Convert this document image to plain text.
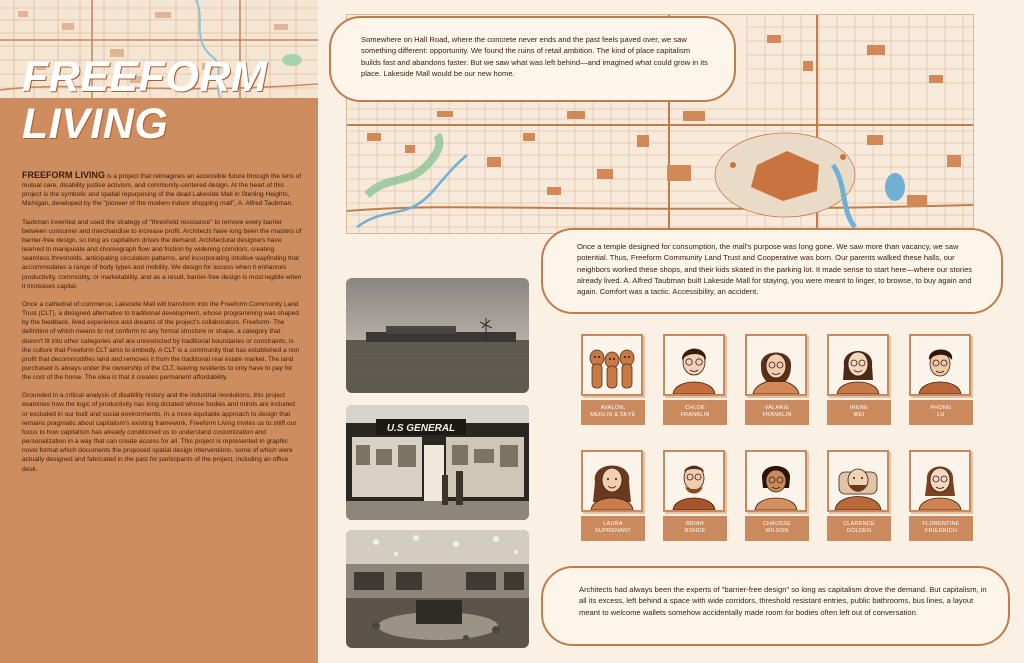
FREEFORM
LIVING

FREEFORM LIVING is a project that reimagines an accessible future through the lens of mutual care, disability justice activism, and community-centered design. At the heart of this project is the symbolic and spatial repurposing of the dead Lakeside Mall in Sterling Heights, Michigan, developed by the "pioneer of the modern indoor shopping mall", A. Alfred Taubman.

Taubman invented and used the strategy of "threshold resistance" to remove every barrier between consumer and merchandise to increase profit. Architects have long been the masters of barrier-free design, so long as capitalism drives the demand. Architectural designers have learned to manipulate and choreograph flow and friction by widening corridors, creating seamless thresholds, anticipating circulation patterns, and incorporating intuitive wayfinding that accommodates a range of body types and mobility. We design for access when it enhances productivity, commodity, or marketability, and as a result, barrier-free design is most legible when it increases capital.

Once a cathedral of commerce, Lakeside Mall will transform into the Freeform Community Land Trust (CLT), a designed alternative to traditional development, whose programming was shaped by the feedback, lived experience and dreams of the project's collaborators. Freeform- The definition of which means to not conform to any formal structure or shape, a category that doesn't fit into other categories and are unrestricted by traditional boundaries or constraints, is the culture that Freeform CLT aims to embody. A CLT is a community that has established a non profit that decommodifies land and removes it from the traditional real estate market. The land purchased is always under the ownership of the CLT, leaving residents to only have to pay for the cost of the home. The idea is that it creates permanent affordability.

Grounded in a critical analysis of disability history and the industrial revolutions, this project examines how the logic of productivity has long dictated whose bodies and minds are included or excluded in our built and social environments. In a more equitable approach to design that remains pragmatic about capitalism's existing framework, Freeform Living invites us to shift our focus to how capitalism has already conditioned us to understand customization and personalization in a way that can create access for all. This project is represented in graphic novel format which documents the proposed spatial design interventions, some of which were actually designed and fabricated in the past for participants of the project, including an office desk.

Somewhere on Hall Road, where the concrete never ends and the past feels paved over, we saw something different: opportunity. We found the ruins of retail ambition. The kind of place capitalism builds fast and abandons faster. But we saw what was left behind—and imagined what could grow in its place. Lakeside Mall would be our new home.
Once a temple designed for consumption, the mall's purpose was long gone. We saw more than vacancy, we saw potential. Thus, Freeform Community Land Trust and Cooperative was born. Our parents walked these halls, our neighbors worked these shops, and their kids skated in the parking lot. It made sense to start here—where our stories already lived. A. Alfred Taubman built Lakeside Mall for staying, you were meant to linger, to browse, to buy again and again. Comfort was a tactic. Accessibility, an accident.
Architects had always been the experts of "barrier-free design" so long as capitalism drove the demand. But capitalism, in all its excess, left behind a space with wide corridors, threshold resistant entries, public bathrooms, bus lines, a layout meant to welcome wallets somehow accidentally made room for bodies often left out of conversation.
U.S GENERAL
AVALON,
MERLIN & SKYE
CHLOE
FRANKLIN
VALARIE
FRANKLIN
IRENE
WEI
PHONG
LU
LAURA
SUPRENANT
BRIAN
ROHDE
CHAUSSE
WILSON
CLARENCE
GOLDEN
FLORENTINE
FRIEDRICH
